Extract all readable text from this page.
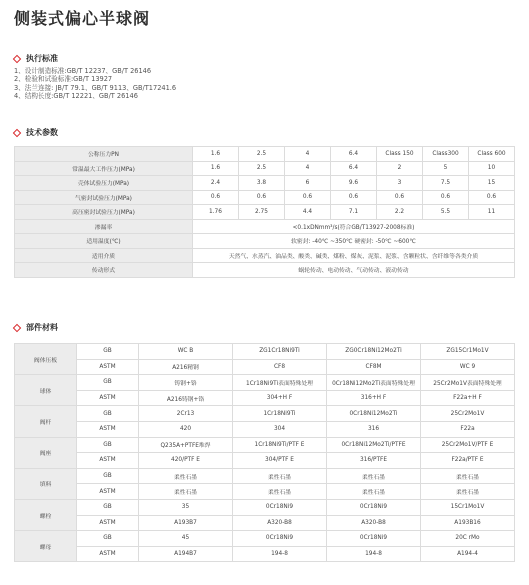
侧装式偏心半球阀
执行标准
1、设计制造标准:GB/T 12237、GB/T 26146
2、检验和试验标准:GB/T 13927
3、法兰连接: JB/T 79.1、GB/T 9113、GB/T17241.6
4、结构长度:GB/T 12221、GB/T 26146
技术参数
公称压力PN	1.6	2.5	4	6.4	Class 150	Class300	Class 600
常温最大工作压力(MPa)	1.6	2.5	4	6.4	2	5	10
壳体试验压力(MPa)	2.4	3.8	6	9.6	3	7.5	15
气密封试验压力(MPa)	0.6	0.6	0.6	0.6	0.6	0.6	0.6
高压密封试验压力(MPa)	1.76	2.75	4.4	7.1	2.2	5.5	11
渗漏率	<0.1xDNmm³/s(符合GB/T13927-2008标准)						
适用温度(℃)	软密封: -40℃ ~350℃ 硬密封: -50℃ ~600℃						
适用介质	天然气、水蒸汽、油品类、酸类、碱类、煤粉、煤灰、泥浆、泥浆、含颗粒状、含纤维等各类介质						
传动形式	蜗轮传动、电动传动、气动传动、液动传动						
部件材料
阀体压板	GB	WC B	ZG1Cr18Ni9Ti	ZG0Cr18Ni12Mo2Ti	ZG15Cr1Mo1V
	ASTM	A216精钢	CF8	CF8M	WC 9
球体	GB	铸钢+铬	1Cr18Ni9Ti表面特殊处理	0Cr18Ni12Mo2Ti表面特殊处理	25Cr2Mo1V表面特殊处理
	ASTM	A216铸钢+铬	304+H F	316+H F	F22a+H F
阀杆	GB	2Cr13	1Cr18Ni9Ti	0Cr18Ni12Mo2Ti	25Cr2Mo1V
	ASTM	420	304	316	F22a
阀座	GB	Q235A+PTFE堆焊	1Cr18Ni9Ti/PTF E	0Cr18Ni12Mo2Ti/PTFE	25Cr2Mo1V/PTF E
	ASTM	420/PTF E	304/PTF E	316/PTFE	F22a/PTF E
填料	GB	柔性石墨	柔性石墨	柔性石墨	柔性石墨
	ASTM	柔性石墨	柔性石墨	柔性石墨	柔性石墨
螺栓	GB	35	0Cr18Ni9	0Cr18Ni9	15Cr1Mo1V
	ASTM	A193B7	A320-B8	A320-B8	A193B16
螺母	GB	45	0Cr18Ni9	0Cr18Ni9	20C rMo
	ASTM	A194B7	194-8	194-8	A194-4
